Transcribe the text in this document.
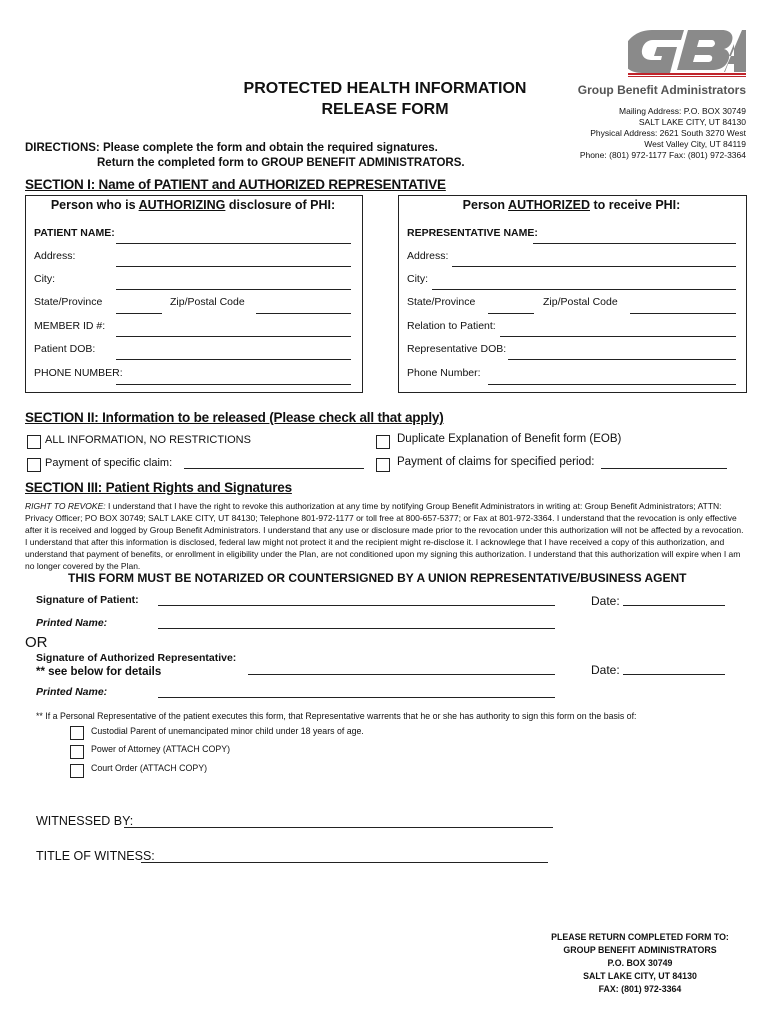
PROTECTED HEALTH INFORMATION
RELEASE FORM
Group Benefit Administrators
Mailing Address: P.O. BOX 30749
SALT LAKE CITY, UT 84130
Physical Address: 2621 South 3270 West
West Valley City, UT 84119
Phone: (801) 972-1177 Fax: (801) 972-3364
DIRECTIONS: Please complete the form and obtain the required signatures.
Return the completed form to GROUP BENEFIT ADMINISTRATORS.
SECTION I: Name of PATIENT and AUTHORIZED REPRESENTATIVE
Person who is AUTHORIZING disclosure of PHI:	Person AUTHORIZED to receive PHI:
PATIENT NAME:
Address:
City:
State/Province	Zip/Postal Code
MEMBER ID #:
Patient DOB:
PHONE NUMBER:
REPRESENTATIVE NAME:
Address:
City:
State/Province	Zip/Postal Code
Relation to Patient:
Representative DOB:
Phone Number:
SECTION II: Information to be released (Please check all that apply)
ALL INFORMATION, NO RESTRICTIONS	Duplicate Explanation of Benefit form (EOB)
Payment of specific claim:	Payment of claims for specified period:
SECTION III: Patient Rights and Signatures
RIGHT TO REVOKE: I understand that I have the right to revoke this authorization at any time by notifying Group Benefit Administrators in writing at: Group Benefit Administrators; ATTN: Privacy Officer; PO BOX 30749; SALT LAKE CITY, UT 84130; Telephone 801-972-1177 or toll free at 800-657-5377; or Fax at 801-972-3364. I understand that the revocation is only effective after it is received and logged by Group Benefit Administrators. I understand that any use or disclosure made prior to the revocation under this authorization will not be affected by a revocation. I understand that after this information is disclosed, federal law might not protect it and the recipient might re-disclose it. I acknowlege that I have received a copy of this authorization, and understand that payment of benefits, or enrollment in eligibility under the Plan, are not conditioned upon my signing this authorization. I understand that this authorization will expire when I am no longer covered by the Plan.
THIS FORM MUST BE NOTARIZED OR COUNTERSIGNED BY A UNION REPRESENTATIVE/BUSINESS AGENT
Signature of Patient:	Date:
Printed Name:
OR
Signature of Authorized Representative:
** see below for details	Date:
Printed Name:
** If a Personal Representative of the patient executes this form, that Representative warrents that he or she has authority to sign this form on the basis of:
Custodial Parent of unemancipated minor child under 18 years of age.
Power of Attorney (ATTACH COPY)
Court Order (ATTACH COPY)
WITNESSED BY:
TITLE OF WITNESS:
PLEASE RETURN COMPLETED FORM TO:
GROUP BENEFIT ADMINISTRATORS
P.O. BOX 30749
SALT LAKE CITY, UT 84130
FAX: (801) 972-3364
